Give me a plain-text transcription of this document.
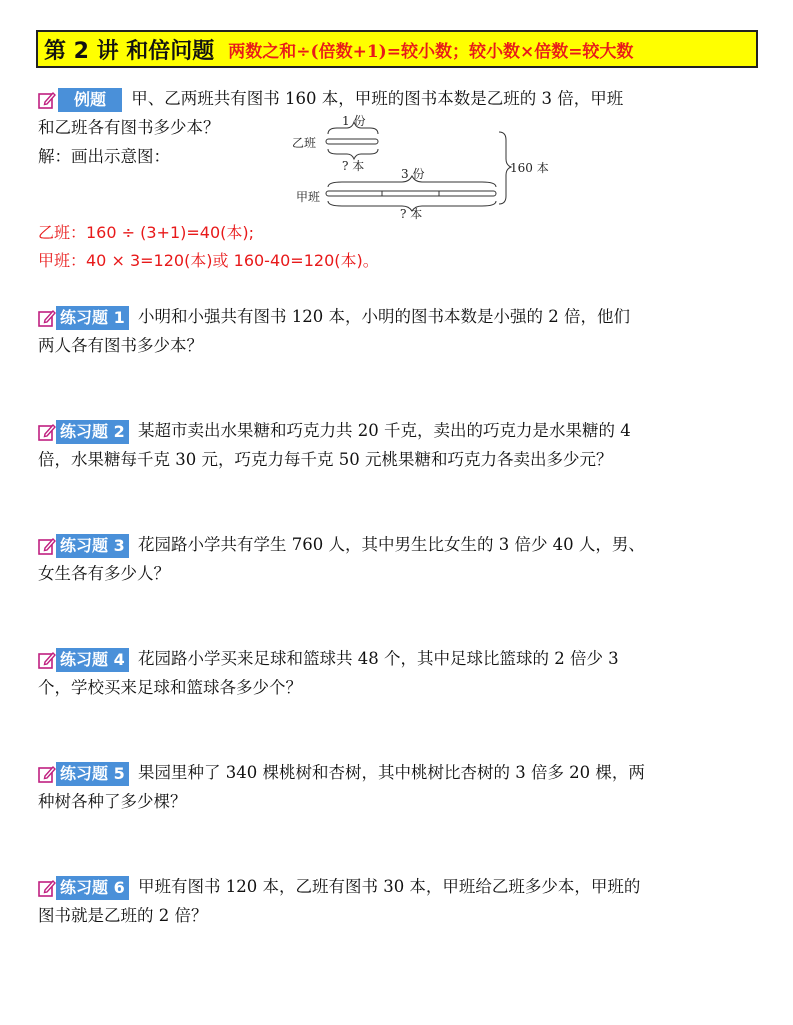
第 2 讲 和倍问题 两数之和÷(倍数+1)=较小数；较小数×倍数=较大数
例题	甲、乙两班共有图书 160 本，甲班的图书本数是乙班的 3 倍，甲班
和乙班各有图书多少本？
解：画出示意图：
乙班
1 份
? 本
甲班
3 份
? 本
160 本
乙班：160 ÷ (3+1)=40(本);
甲班：40 × 3=120(本)或 160-40=120(本)。
练习题 1 小明和小强共有图书 120 本，小明的图书本数是小强的 2 倍，他们
两人各有图书多少本？
练习题 2 某超市卖出水果糖和巧克力共 20 千克，卖出的巧克力是水果糖的 4
倍，水果糖每千克 30 元，巧克力每千克 50 元桃果糖和巧克力各卖出多少元？
练习题 3 花园路小学共有学生 760 人，其中男生比女生的 3 倍少 40 人，男、
女生各有多少人？
练习题 4 花园路小学买来足球和篮球共 48 个，其中足球比篮球的 2 倍少 3
个，学校买来足球和篮球各多少个？
练习题 5 果园里种了 340 棵桃树和杏树，其中桃树比杏树的 3 倍多 20 棵，两
种树各种了多少棵？
练习题 6 甲班有图书 120 本，乙班有图书 30 本，甲班给乙班多少本，甲班的
图书就是乙班的 2 倍？
